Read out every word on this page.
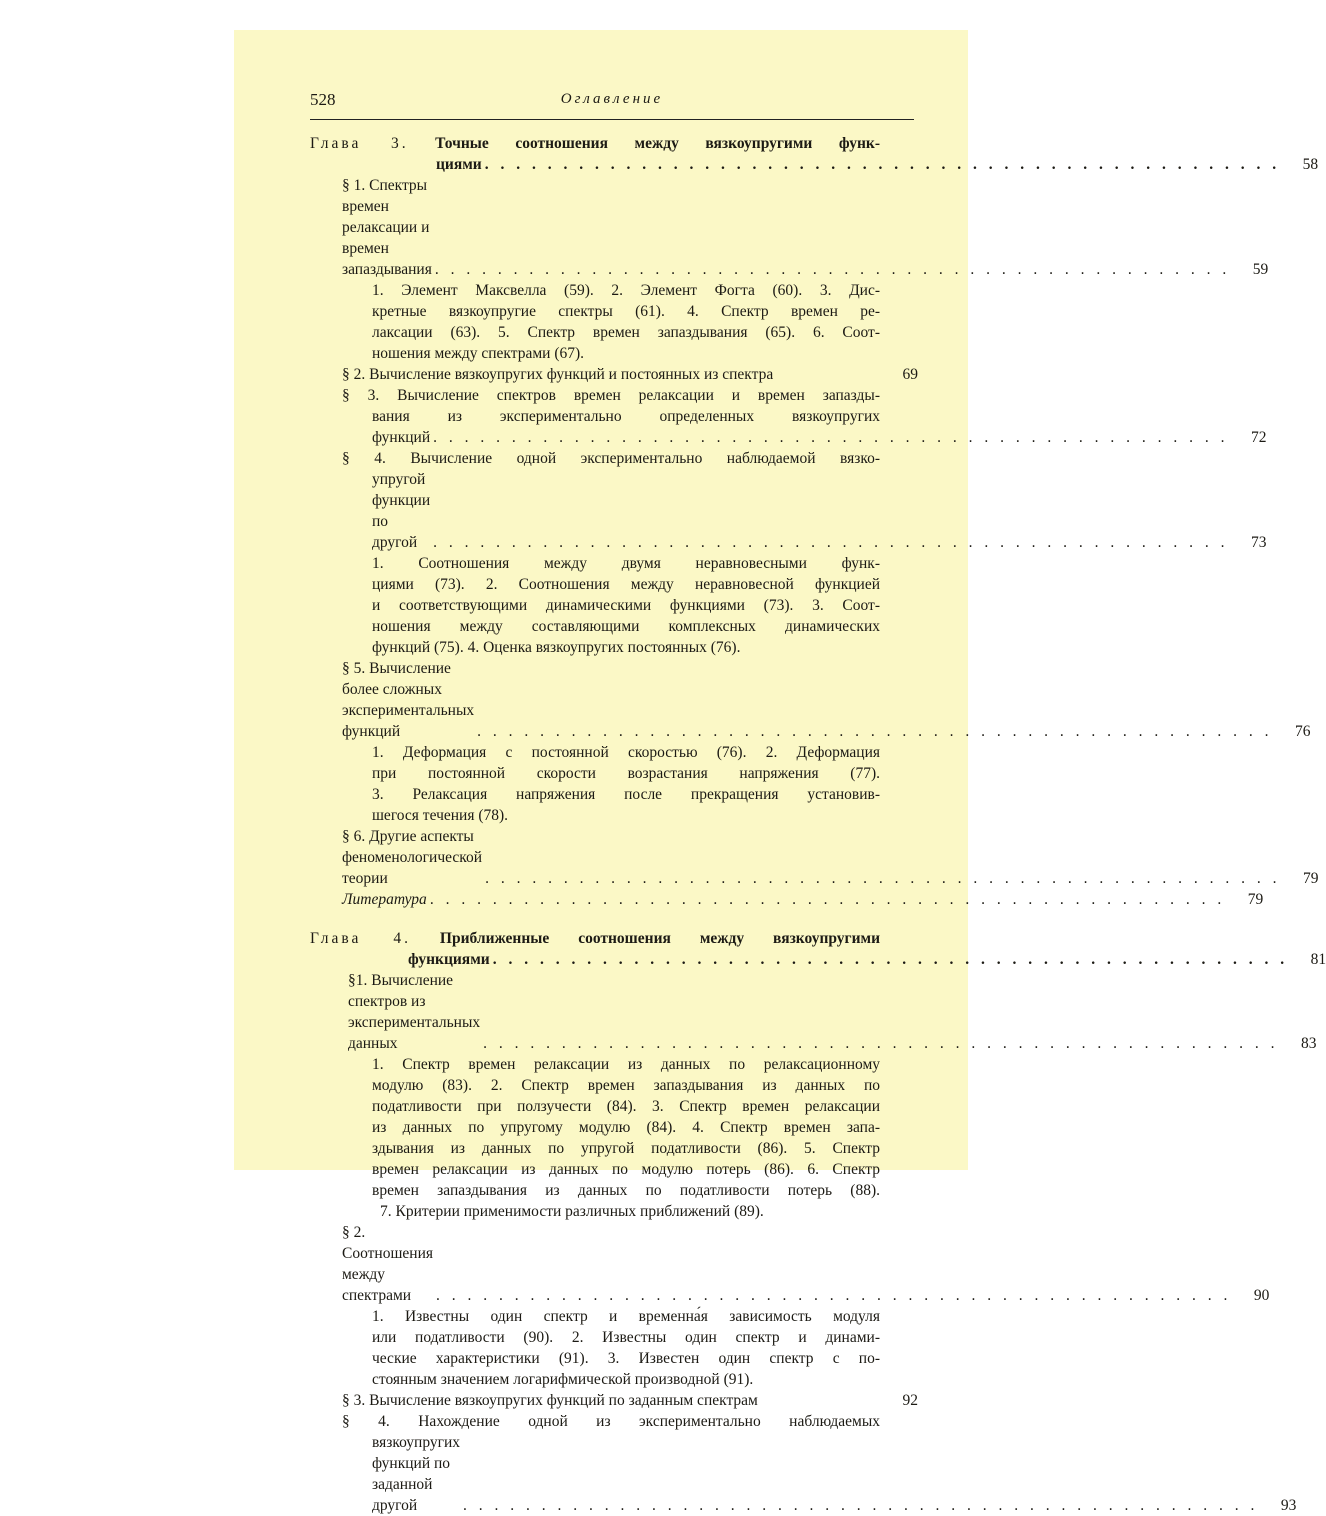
528	Оглавление
Глава 3. Точные соотношения между вязкоупругими функ-
циями . . . . . . . . . . . . . . . . . . . . . . . . . . . . . . . . . . . . . . . . . . . . . . . . . . .	58
§ 1. Спектры времен релаксации и времен запаздывания . . . . . . . . . . . . . . . . . . . . . . . . . . . . . . . . . . . . . . . . . . . . . . . . . . .	59
1. Элемент Максвелла (59). 2. Элемент Фогта (60). 3. Дис-
кретные вязкоупругие спектры (61). 4. Спектр времен ре-
лаксации (63). 5. Спектр времен запаздывания (65). 6. Соот-
ношения между спектрами (67).
§ 2. Вычисление вязкоупругих функций и постоянных из спектра	69
§ 3. Вычисление спектров времен релаксации и времен запазды-
вания из экспериментально определенных вязкоупругих
функций . . . . . . . . . . . . . . . . . . . . . . . . . . . . . . . . . . . . . . . . . . . . . . . . . . .	72
§ 4. Вычисление одной экспериментально наблюдаемой вязко-
упругой функции по другой	. . . . . . . . . . . . . . . . . . . . . . . . . . . . . . . . . . . . . . . . . . . . . . . . . . .	73
1. Соотношения между двумя неравновесными функ-
циями (73). 2. Соотношения между неравновесной функцией
и соответствующими динамическими функциями (73). 3. Соот-
ношения между составляющими комплексных динамических
функций (75). 4. Оценка вязкоупругих постоянных (76).
§ 5. Вычисление более сложных экспериментальных функций	. . . . . . . . . . . . . . . . . . . . . . . . . . . . . . . . . . . . . . . . . . . . . . . . . . .	76
1. Деформация с постоянной скоростью (76). 2. Деформация
при постоянной скорости возрастания напряжения (77).
3. Релаксация напряжения после прекращения установив-
шегося течения (78).
§ 6. Другие аспекты феноменологической теории	. . . . . . . . . . . . . . . . . . . . . . . . . . . . . . . . . . . . . . . . . . . . . . . . . . .	79
Литература . . . . . . . . . . . . . . . . . . . . . . . . . . . . . . . . . . . . . . . . . . . . . . . . . . .	79
Глава 4. Приближенные соотношения между вязкоупругими
функциями . . . . . . . . . . . . . . . . . . . . . . . . . . . . . . . . . . . . . . . . . . . . . . . . . . .	81
§1. Вычисление спектров из экспериментальных данных	. . . . . . . . . . . . . . . . . . . . . . . . . . . . . . . . . . . . . . . . . . . . . . . . . . .	83
1. Спектр времен релаксации из данных по релаксационному
модулю (83). 2. Спектр времен запаздывания из данных по
податливости при ползучести (84). 3. Спектр времен релаксации
из данных по упругому модулю (84). 4. Спектр времен запа-
здывания из данных по упругой податливости (86). 5. Спектр
времен релаксации из данных по модулю потерь (86). 6. Спектр
времен запаздывания из данных по податливости потерь (88).
7. Критерии применимости различных приближений (89).
§ 2. Соотношения между спектрами	. . . . . . . . . . . . . . . . . . . . . . . . . . . . . . . . . . . . . . . . . . . . . . . . . . .	90
1. Известны один спектр и временна́я зависимость модуля
или податливости (90). 2. Известны один спектр и динами-
ческие характеристики (91). 3. Известен один спектр с по-
стоянным значением логарифмической производной (91).
§ 3. Вычисление вязкоупругих функций по заданным спектрам	92
§ 4. Нахождение одной из экспериментально наблюдаемых
вязкоупругих функций по заданной другой	. . . . . . . . . . . . . . . . . . . . . . . . . . . . . . . . . . . . . . . . . . . . . . . . . . .	93
